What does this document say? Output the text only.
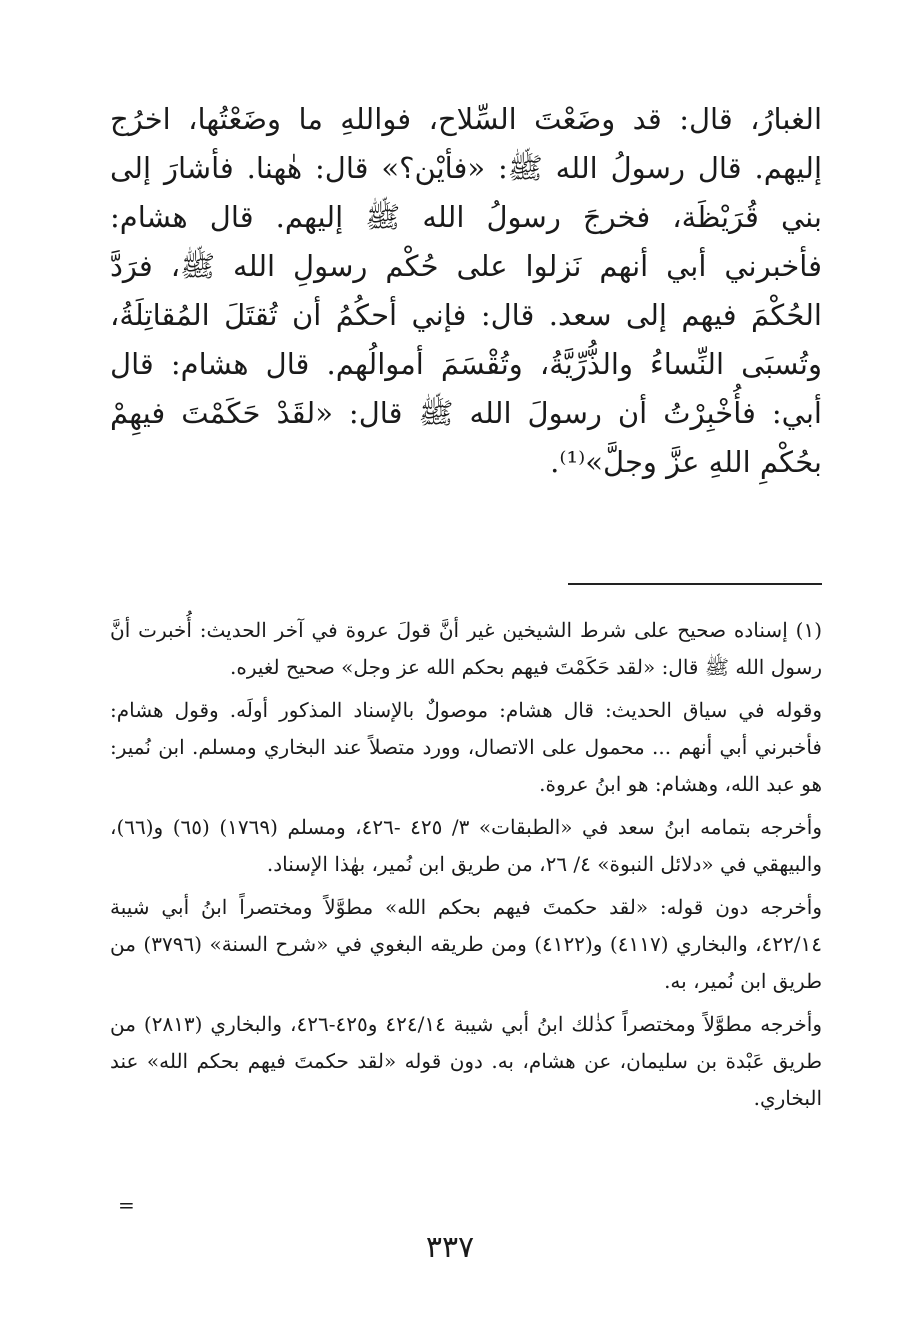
الغبارُ، قال: قد وضَعْتَ السِّلاح، فواللهِ ما وضَعْتُها، اخرُج إليهم. قال رسولُ الله ﷺ: «فأيْن؟» قال: هٰهنا. فأشارَ إلى بني قُرَيْظَة، فخرجَ رسولُ الله ﷺ إليهم. قال هشام: فأخبرني أبي أنهم نَزلوا على حُكْم رسولِ الله ﷺ، فرَدَّ الحُكْمَ فيهم إلى سعد. قال: فإني أحكُمُ أن تُقتَلَ المُقاتِلَةُ، وتُسبَى النِّساءُ والذُّرِّيَّةُ، وتُقْسَمَ أموالُهم. قال هشام: قال أبي: فأُخْبِرْتُ أن رسولَ الله ﷺ قال: «لقَدْ حَكَمْتَ فيهِمْ بحُكْمِ اللهِ عزَّ وجلَّ»⁽¹⁾.

(١) إسناده صحيح على شرط الشيخين غير أنَّ قولَ عروة في آخر الحديث: أُخبرت أنَّ رسول الله ﷺ قال: «لقد حَكَمْتَ فيهم بحكم الله عز وجل» صحيح لغيره.

وقوله في سياق الحديث: قال هشام: موصولٌ بالإسناد المذكور أولَه. وقول هشام: فأخبرني أبي أنهم ... محمول على الاتصال، وورد متصلاً عند البخاري ومسلم. ابن نُمير: هو عبد الله، وهشام: هو ابنُ عروة.

وأخرجه بتمامه ابنُ سعد في «الطبقات» ٣/ ٤٢٥ -٤٢٦، ومسلم (١٧٦٩) (٦٥) و(٦٦)، والبيهقي في «دلائل النبوة» ٤/ ٢٦، من طريق ابن نُمير، بهٰذا الإسناد.

وأخرجه دون قوله: «لقد حكمتَ فيهم بحكم الله» مطوَّلاً ومختصراً ابنُ أبي شيبة ٤٢٢/١٤، والبخاري (٤١١٧) و(٤١٢٢) ومن طريقه البغوي في «شرح السنة» (٣٧٩٦) من طريق ابن نُمير، به.

وأخرجه مطوَّلاً ومختصراً كذٰلك ابنُ أبي شيبة ٤٢٤/١٤ و٤٢٥-٤٢٦، والبخاري (٢٨١٣) من طريق عَبْدة بن سليمان، عن هشام، به. دون قوله «لقد حكمتَ فيهم بحكم الله» عند البخاري.

=
٣٣٧
